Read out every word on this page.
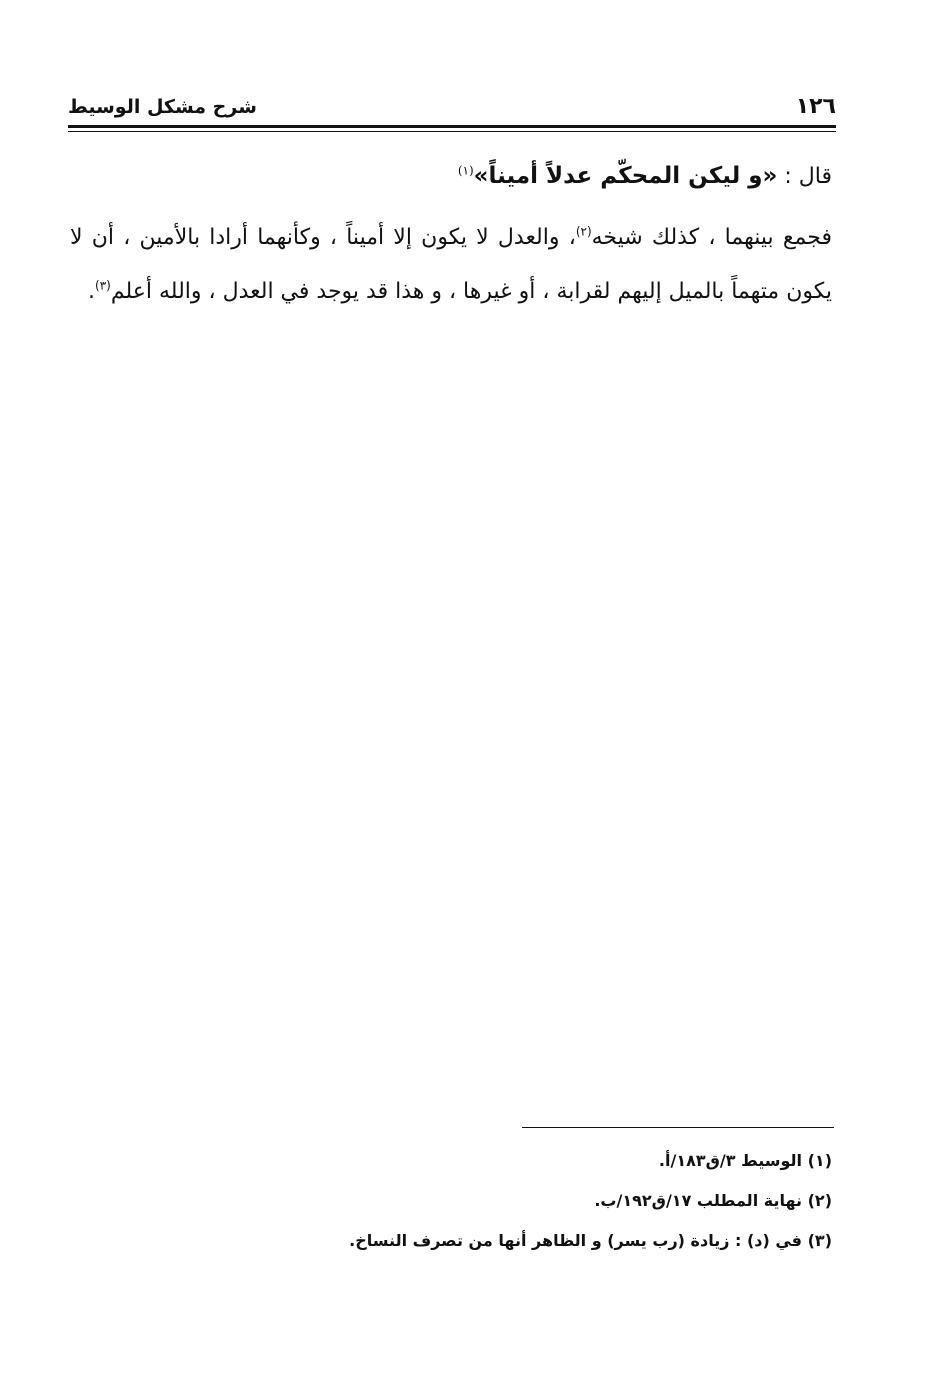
١٢٦
شرح مشكل الوسيط

قال : «و ليكن المحكّم عدلاً أميناً»$^{(١)}$

فجمع بينهما ، كذلك شيخه$^{(٢)}$، والعدل لا يكون إلا أميناً ، وكأنهما أرادا بالأمين ، أن لا يكون متهماً بالميل إليهم لقرابة ، أو غيرها ، و هذا قد يوجد في العدل ، والله أعلم$^{(٣)}$.

(١) الوسيط ٣/ق١٨٣/أ.

(٢) نهاية المطلب ١٧/ق١٩٢/ب.

(٣) في (د) : زيادة (رب يسر) و الظاهر أنها من تصرف النساخ.
